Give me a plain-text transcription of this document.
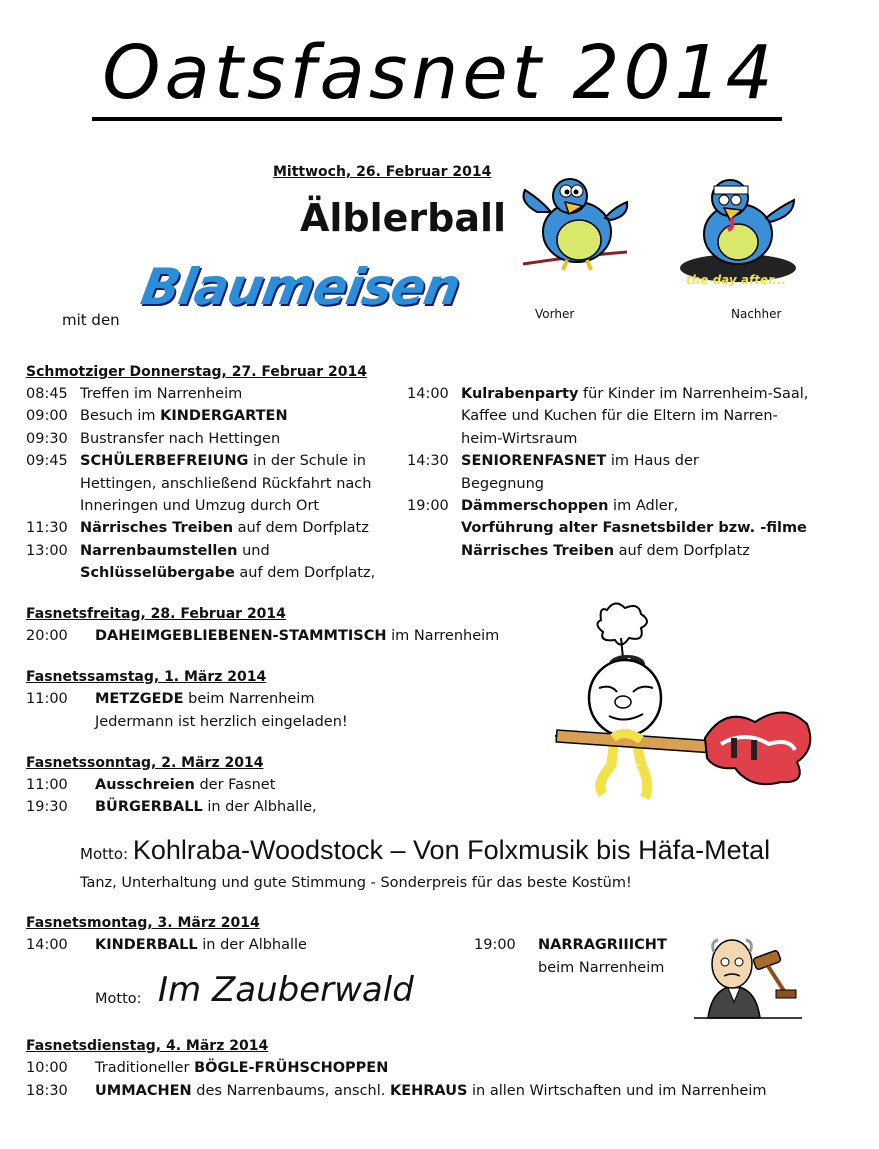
Oatsfasnet 2014
Mittwoch, 26. Februar 2014
Älblerball
mit den
Blaumeisen	Vorher
the day after...
Nachher
Schmotziger Donnerstag, 27. Februar 2014
08:45 Treffen im Narrenheim
09:00 Besuch im KINDERGARTEN
09:30 Bustransfer nach Hettingen
09:45 SCHÜLERBEFREIUNG in der Schule in
Hettingen, anschließend Rückfahrt nach
Inneringen und Umzug durch Ort
11:30 Närrisches Treiben auf dem Dorfplatz
13:00 Narrenbaumstellen und
Schlüsselübergabe auf dem Dorfplatz,
14:00 Kulrabenparty für Kinder im Narrenheim-Saal,
Kaffee und Kuchen für die Eltern im Narren-
heim-Wirtsraum
14:30 SENIORENFASNET im Haus der
Begegnung
19:00 Dämmerschoppen im Adler,
Vorführung alter Fasnetsbilder bzw. -filme
Närrisches Treiben auf dem Dorfplatz
Fasnetsfreitag, 28. Februar 2014
20:00 DAHEIMGEBLIEBENEN-STAMMTISCH im Narrenheim
Fasnetssamstag, 1. März 2014
11:00 METZGEDE beim Narrenheim
Jedermann ist herzlich eingeladen!
Fasnetssonntag, 2. März 2014
11:00 Ausschreien der Fasnet
19:30 BÜRGERBALL in der Albhalle,
Motto: Kohlraba-Woodstock – Von Folxmusik bis Häfa-Metal
Tanz, Unterhaltung und gute Stimmung - Sonderpreis für das beste Kostüm!
Fasnetsmontag, 3. März 2014
14:00 KINDERBALL in der Albhalle
Motto: Im Zauberwald
19:00 NARRAGRIIICHT
beim Narrenheim
Fasnetsdienstag, 4. März 2014
10:00 Traditioneller BÖGLE-FRÜHSCHOPPEN
18:30 UMMACHEN des Narrenbaums, anschl. KEHRAUS in allen Wirtschaften und im Narrenheim
